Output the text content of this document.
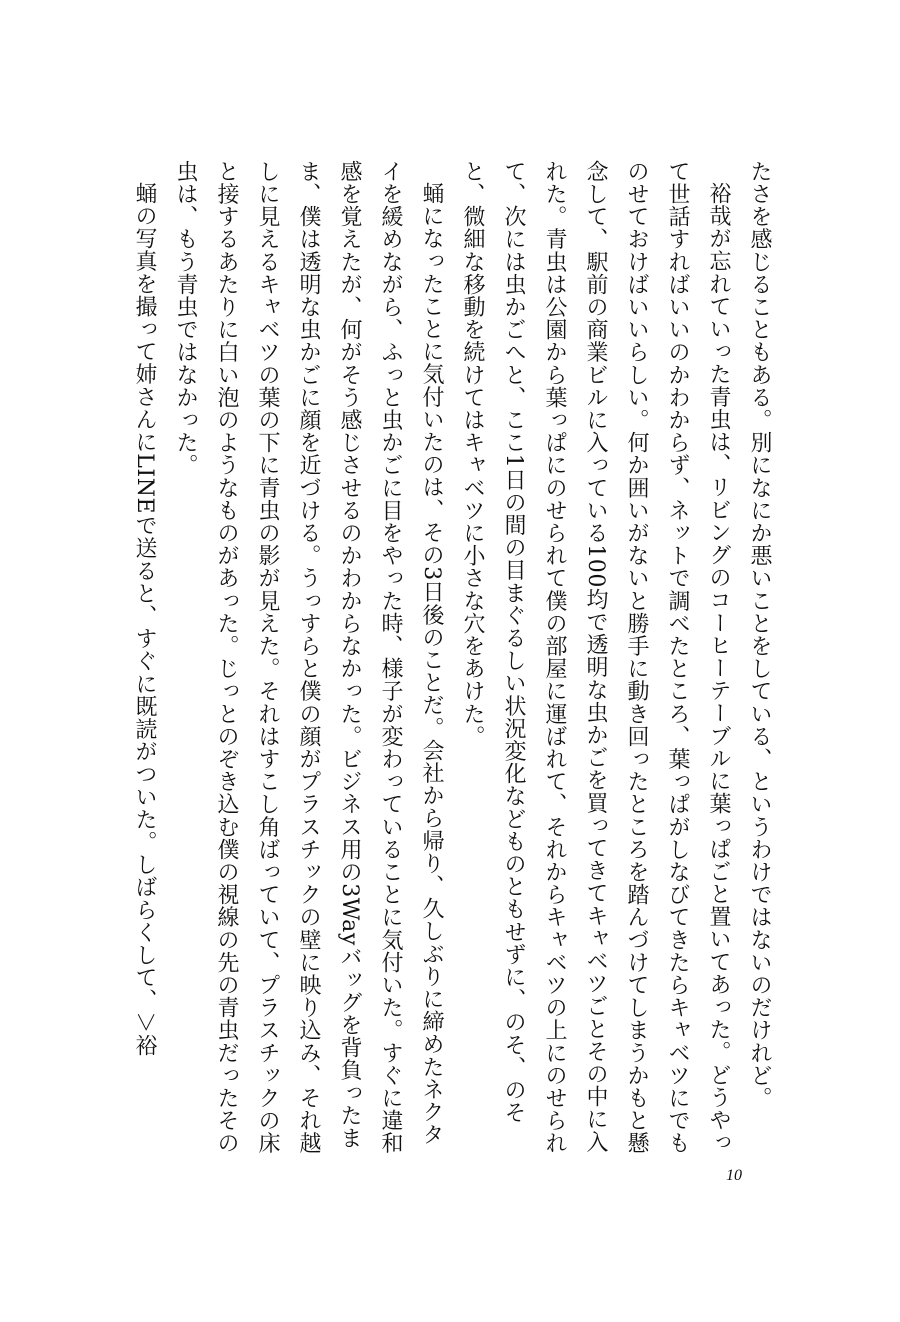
たさを感じることもある。別になにか悪いことをしている、というわけではないのだけれど。

裕哉が忘れていった青虫は、リビングのコーヒーテーブルに葉っぱごと置いてあった。どうやって世話すればいいのかわからず、ネットで調べたところ、葉っぱがしなびてきたらキャベツにでものせておけばいいらしい。何か囲いがないと勝手に動き回ったところを踏んづけてしまうかもと懸念して、駅前の商業ビルに入っている100均で透明な虫かごを買ってきてキャベツごとその中に入れた。青虫は公園から葉っぱにのせられて僕の部屋に運ばれて、それからキャベツの上にのせられて、次には虫かごへと、ここ1日の間の目まぐるしい状況変化などものともせずに、のそ、のそと、微細な移動を続けてはキャベツに小さな穴をあけた。

蛹になったことに気付いたのは、その3日後のことだ。会社から帰り、久しぶりに締めたネクタイを緩めながら、ふっと虫かごに目をやった時、様子が変わっていることに気付いた。すぐに違和感を覚えたが、何がそう感じさせるのかわからなかった。ビジネス用の3Wayバッグを背負ったまま、僕は透明な虫かごに顔を近づける。うっすらと僕の顔がプラスチックの壁に映り込み、それ越しに見えるキャベツの葉の下に青虫の影が見えた。それはすこし角ばっていて、プラスチックの床と接するあたりに白い泡のようなものがあった。じっとのぞき込む僕の視線の先の青虫だったその虫は、もう青虫ではなかった。

蛹の写真を撮って姉さんにLINEで送ると、すぐに既読がついた。しばらくして、＞裕

10
